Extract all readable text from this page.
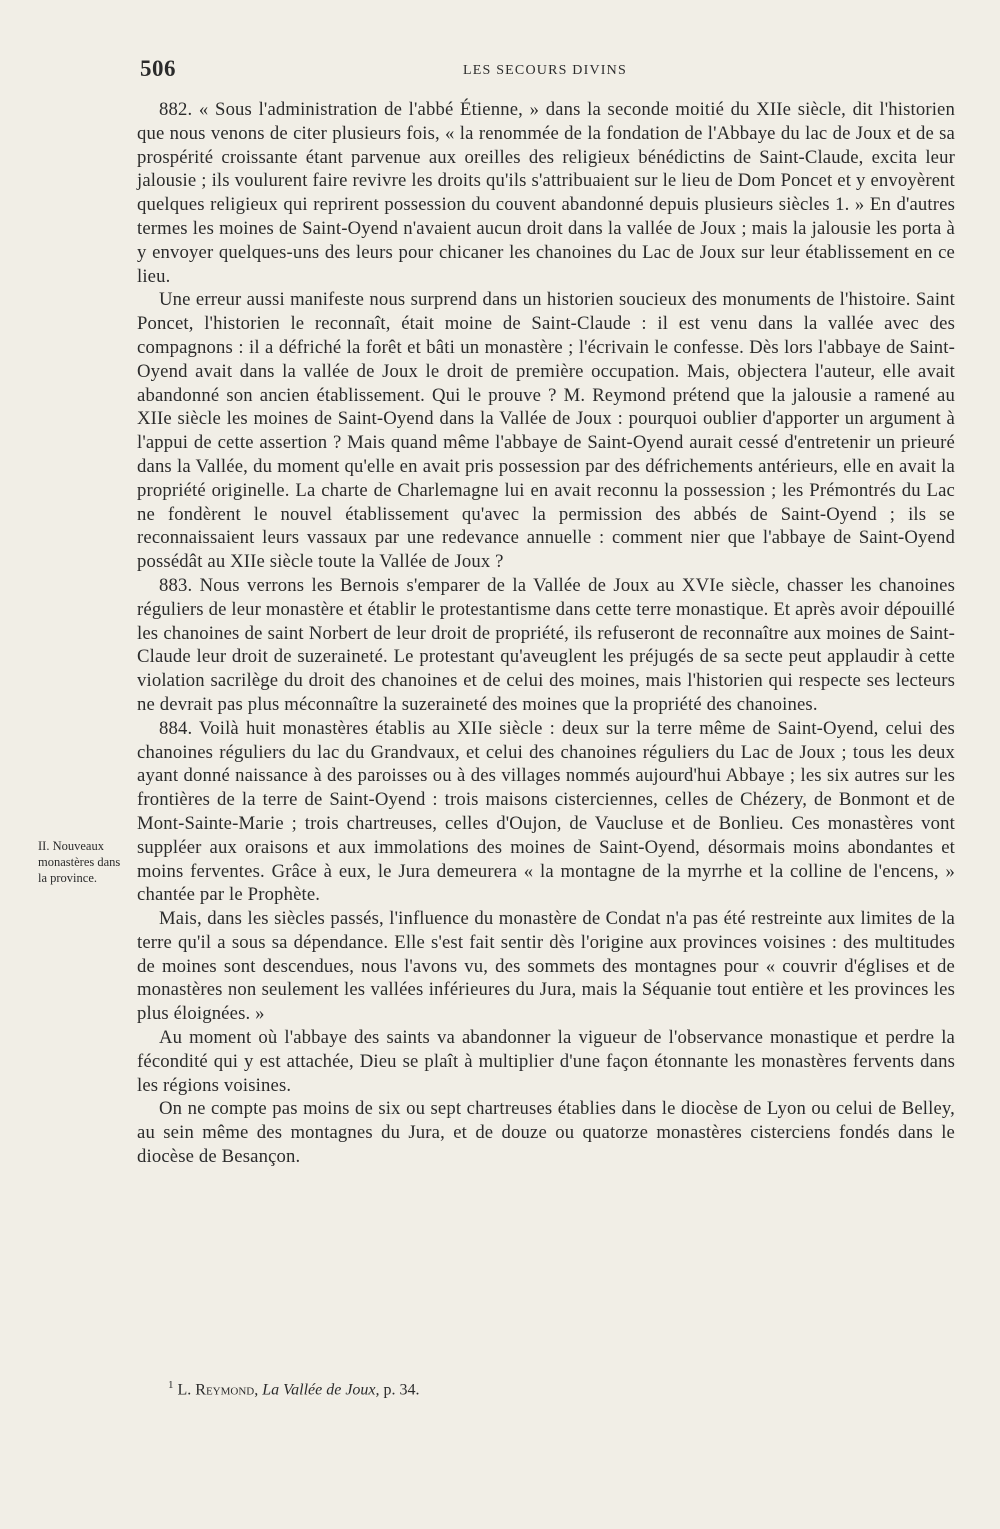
506	LES SECOURS DIVINS

882. « Sous l'administration de l'abbé Étienne, » dans la seconde moitié du XIIe siècle, dit l'historien que nous venons de citer plusieurs fois, « la renommée de la fondation de l'Abbaye du lac de Joux et de sa prospérité croissante étant parvenue aux oreilles des religieux bénédictins de Saint-Claude, excita leur jalousie ; ils voulurent faire revivre les droits qu'ils s'attribuaient sur le lieu de Dom Poncet et y envoyèrent quelques religieux qui reprirent possession du couvent abandonné depuis plusieurs siècles 1. » En d'autres termes les moines de Saint-Oyend n'avaient aucun droit dans la vallée de Joux ; mais la jalousie les porta à y envoyer quelques-uns des leurs pour chicaner les chanoines du Lac de Joux sur leur établissement en ce lieu.

Une erreur aussi manifeste nous surprend dans un historien soucieux des monuments de l'histoire. Saint Poncet, l'historien le reconnaît, était moine de Saint-Claude : il est venu dans la vallée avec des compagnons : il a défriché la forêt et bâti un monastère ; l'écrivain le confesse. Dès lors l'abbaye de Saint-Oyend avait dans la vallée de Joux le droit de première occupation. Mais, objectera l'auteur, elle avait abandonné son ancien établissement. Qui le prouve ? M. Reymond prétend que la jalousie a ramené au XIIe siècle les moines de Saint-Oyend dans la Vallée de Joux : pourquoi oublier d'apporter un argument à l'appui de cette assertion ? Mais quand même l'abbaye de Saint-Oyend aurait cessé d'entretenir un prieuré dans la Vallée, du moment qu'elle en avait pris possession par des défrichements antérieurs, elle en avait la propriété originelle. La charte de Charlemagne lui en avait reconnu la possession ; les Prémontrés du Lac ne fondèrent le nouvel établissement qu'avec la permission des abbés de Saint-Oyend ; ils se reconnaissaient leurs vassaux par une redevance annuelle : comment nier que l'abbaye de Saint-Oyend possédât au XIIe siècle toute la Vallée de Joux ?

883. Nous verrons les Bernois s'emparer de la Vallée de Joux au XVIe siècle, chasser les chanoines réguliers de leur monastère et établir le protestantisme dans cette terre monastique. Et après avoir dépouillé les chanoines de saint Norbert de leur droit de propriété, ils refuseront de reconnaître aux moines de Saint-Claude leur droit de suzeraineté. Le protestant qu'aveuglent les préjugés de sa secte peut applaudir à cette violation sacrilège du droit des chanoines et de celui des moines, mais l'historien qui respecte ses lecteurs ne devrait pas plus méconnaître la suzeraineté des moines que la propriété des chanoines.

884. Voilà huit monastères établis au XIIe siècle : deux sur la terre même de Saint-Oyend, celui des chanoines réguliers du lac du Grandvaux, et celui des chanoines réguliers du Lac de Joux ; tous les deux ayant donné naissance à des paroisses ou à des villages nommés aujourd'hui Abbaye ; les six autres sur les frontières de la terre de Saint-Oyend : trois maisons cisterciennes, celles de Chézery, de Bonmont et de Mont-Sainte-Marie ; trois chartreuses, celles d'Oujon, de Vaucluse et de Bonlieu. Ces monastères vont suppléer aux oraisons et aux immolations des moines de Saint-Oyend, désormais moins abondantes et moins ferventes. Grâce à eux, le Jura demeurera « la montagne de la myrrhe et la colline de l'encens, » chantée par le Prophète.

Mais, dans les siècles passés, l'influence du monastère de Condat n'a pas été restreinte aux limites de la terre qu'il a sous sa dépendance. Elle s'est fait sentir dès l'origine aux provinces voisines : des multitudes de moines sont descendues, nous l'avons vu, des sommets des montagnes pour « couvrir d'églises et de monastères non seulement les vallées inférieures du Jura, mais la Séquanie tout entière et les provinces les plus éloignées. »

Au moment où l'abbaye des saints va abandonner la vigueur de l'observance monastique et perdre la fécondité qui y est attachée, Dieu se plaît à multiplier d'une façon étonnante les monastères fervents dans les régions voisines.

On ne compte pas moins de six ou sept chartreuses établies dans le diocèse de Lyon ou celui de Belley, au sein même des montagnes du Jura, et de douze ou quatorze monastères cisterciens fondés dans le diocèse de Besançon.

II. Nouveaux monastères dans la province.
$^1$ L. Reymond, La Vallée de Joux, p. 34.
